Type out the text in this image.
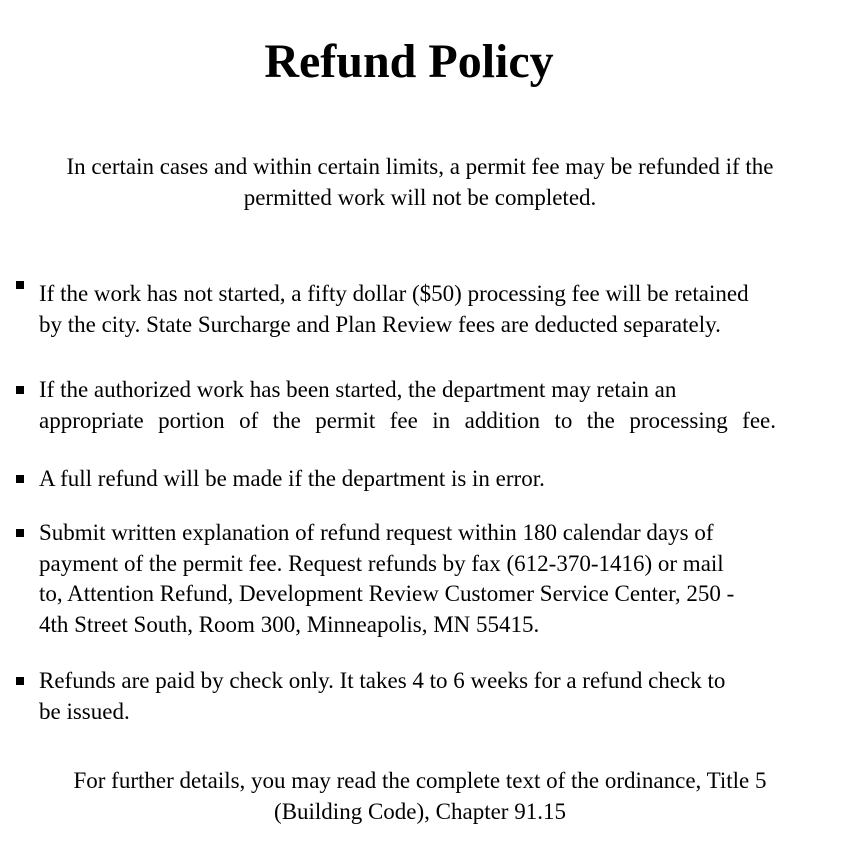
Refund Policy

In certain cases and within certain limits, a permit fee may be refunded if the permitted work will not be completed.

If the work has not started, a fifty dollar ($50) processing fee will be retained
by the city. State Surcharge and Plan Review fees are deducted separately.
If the authorized work has been started, the department may retain an
appropriate portion of the permit fee in addition to the processing fee.
A full refund will be made if the department is in error.
Submit written explanation of refund request within 180 calendar days of
payment of the permit fee. Request refunds by fax (612-370-1416) or mail
to, Attention Refund, Development Review Customer Service Center, 250 -
4th Street South, Room 300, Minneapolis, MN 55415.
Refunds are paid by check only. It takes 4 to 6 weeks for a refund check to
be issued.

For further details, you may read the complete text of the ordinance, Title 5
(Building Code), Chapter 91.15
